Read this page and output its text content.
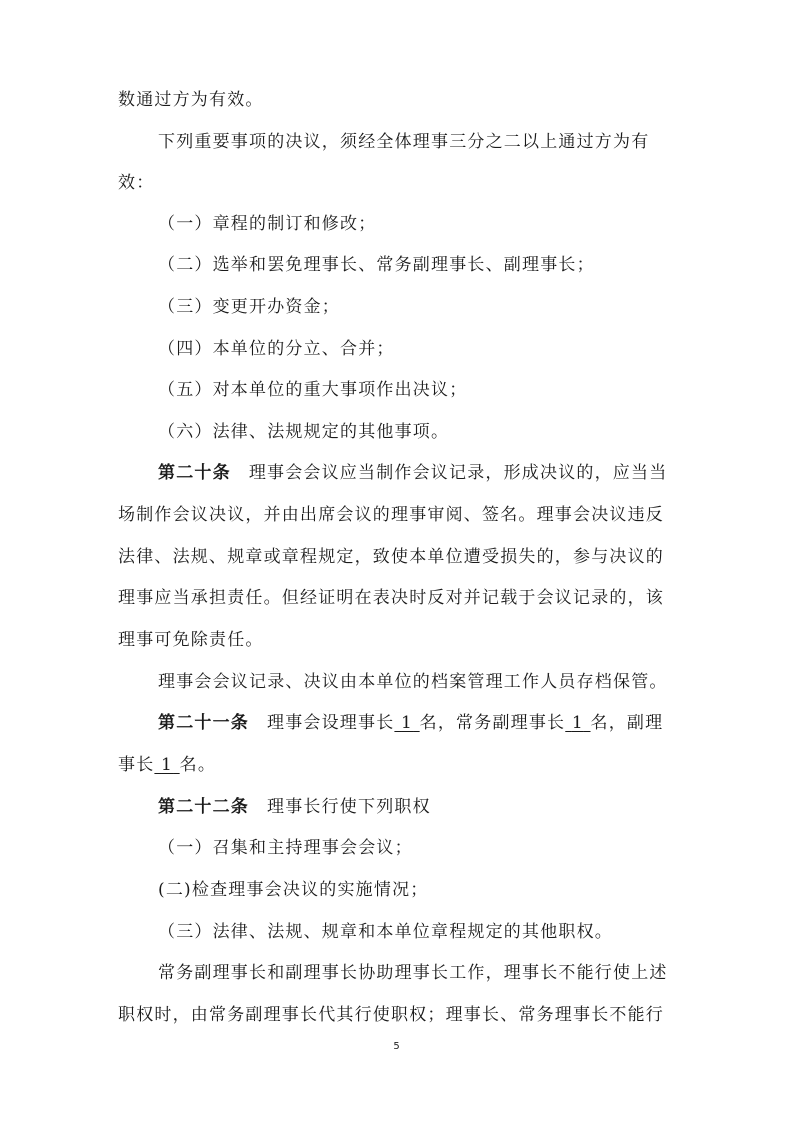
数通过方为有效。
下列重要事项的决议，须经全体理事三分之二以上通过方为有
效：
（一）章程的制订和修改；
（二）选举和罢免理事长、常务副理事长、副理事长；
（三）变更开办资金；
（四）本单位的分立、合并；
（五）对本单位的重大事项作出决议；
（六）法律、法规规定的其他事项。
第二十条 理事会会议应当制作会议记录，形成决议的，应当当
场制作会议决议，并由出席会议的理事审阅、签名。理事会决议违反
法律、法规、规章或章程规定，致使本单位遭受损失的，参与决议的
理事应当承担责任。但经证明在表决时反对并记载于会议记录的，该
理事可免除责任。
理事会会议记录、决议由本单位的档案管理工作人员存档保管。
第二十一条 理事会设理事长 1 名，常务副理事长 1 名，副理
事长 1 名。
第二十二条 理事长行使下列职权
（一）召集和主持理事会会议；
(二)检查理事会决议的实施情况；
（三）法律、法规、规章和本单位章程规定的其他职权。
常务副理事长和副理事长协助理事长工作，理事长不能行使上述
职权时，由常务副理事长代其行使职权；理事长、常务理事长不能行
5
